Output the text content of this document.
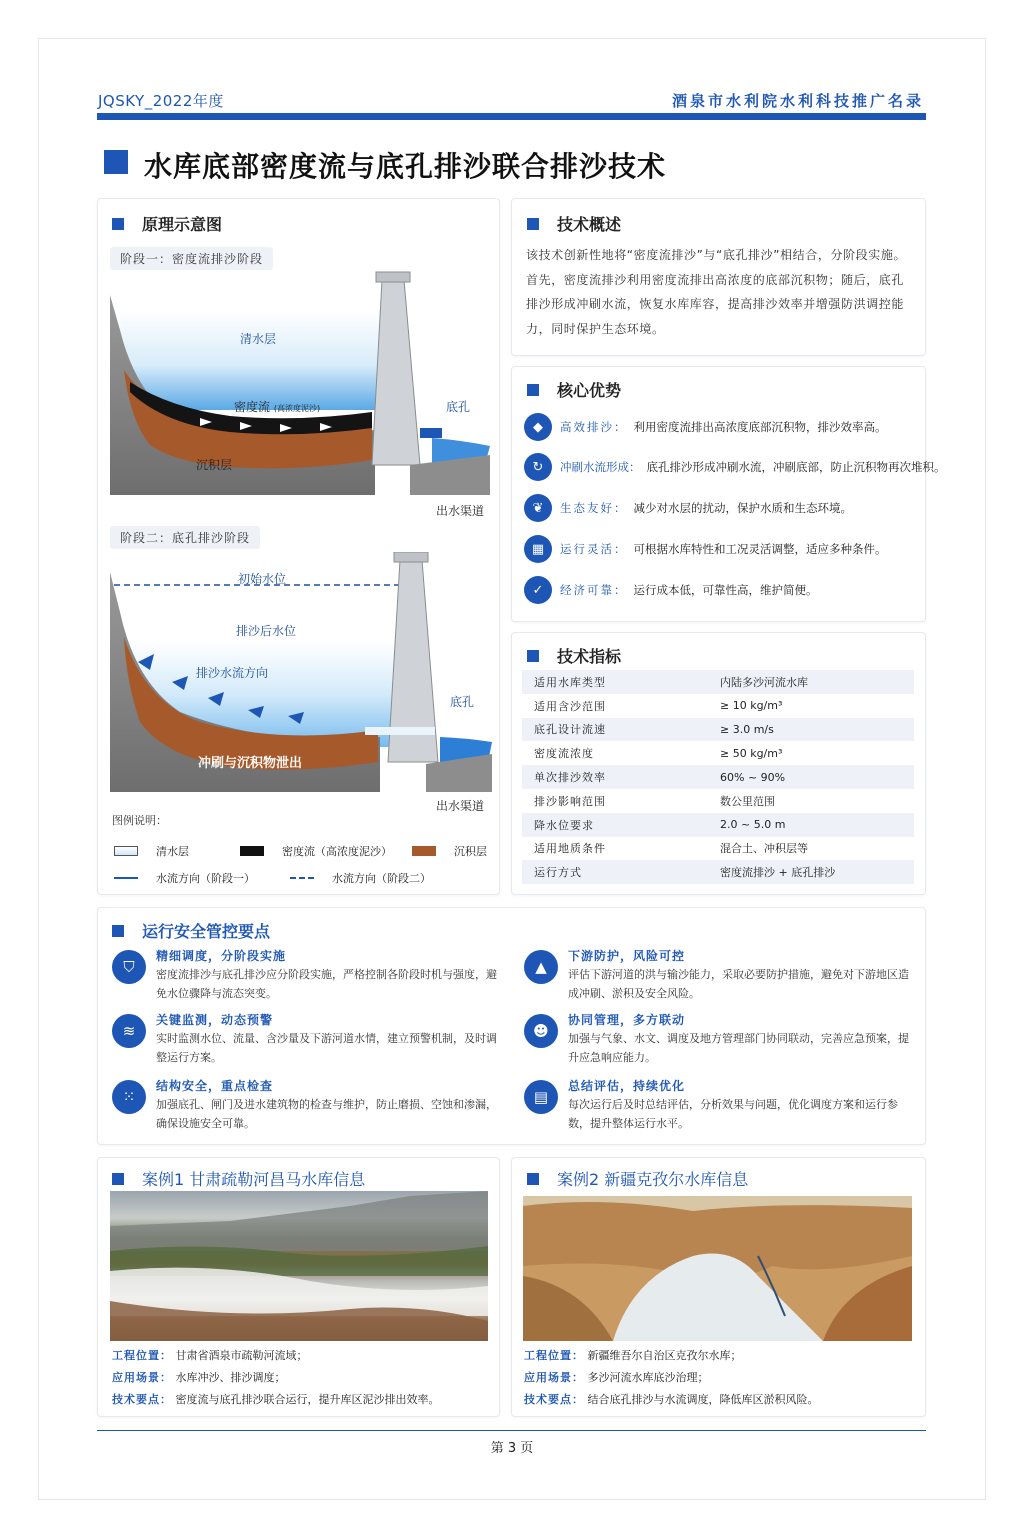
JQSKY_2022年度	酒泉市水利院水利科技推广名录
水库底部密度流与底孔排沙联合排沙技术
原理示意图
阶段一：密度流排沙阶段
清水层
密度流 (高浓度泥沙)
沉积层
底孔
出水渠道
阶段二：底孔排沙阶段
初始水位
排沙后水位
排沙水流方向
底孔
冲刷与沉积物泄出
出水渠道
图例说明：
清水层	密度流（高浓度泥沙）	沉积层
水流方向（阶段一）	水流方向（阶段二）
技术概述
该技术创新性地将“密度流排沙”与“底孔排沙”相结合，分阶段实施。首先，密度流排沙利用密度流排出高浓度的底部沉积物；随后，底孔排沙形成冲刷水流，恢复水库库容，提高排沙效率并增强防洪调控能力，同时保护生态环境。
核心优势
◆	高效排沙： 利用密度流排出高浓度底部沉积物，排沙效率高。
↻	冲刷水流形成： 底孔排沙形成冲刷水流，冲刷底部，防止沉积物再次堆积。
❦	生态友好： 减少对水层的扰动，保护水质和生态环境。
▦	运行灵活： 可根据水库特性和工况灵活调整，适应多种条件。
✓	经济可靠： 运行成本低，可靠性高，维护简便。
技术指标
适用水库类型	内陆多沙河流水库
适用含沙范围	≥ 10 kg/m³
底孔设计流速	≥ 3.0 m/s
密度流浓度	≥ 50 kg/m³
单次排沙效率	60% ~ 90%
排沙影响范围	数公里范围
降水位要求	2.0 ~ 5.0 m
适用地质条件	混合土、冲积层等
运行方式	密度流排沙 + 底孔排沙
运行安全管控要点
⛉
精细调度，分阶段实施
密度流排沙与底孔排沙应分阶段实施，严格控制各阶段时机与强度，避免水位骤降与流态突变。
▲
下游防护，风险可控
评估下游河道的洪与输沙能力，采取必要防护措施，避免对下游地区造成冲刷、淤积及安全风险。
≋
关键监测，动态预警
实时监测水位、流量、含沙量及下游河道水情，建立预警机制，及时调整运行方案。
☻
协同管理，多方联动
加强与气象、水文、调度及地方管理部门协同联动，完善应急预案，提升应急响应能力。
⁙
结构安全，重点检查
加强底孔、闸门及进水建筑物的检查与维护，防止磨损、空蚀和渗漏，确保设施安全可靠。
▤
总结评估，持续优化
每次运行后及时总结评估，分析效果与问题，优化调度方案和运行参数，提升整体运行水平。
案例1 甘肃疏勒河昌马水库信息
工程位置： 甘肃省酒泉市疏勒河流域；
应用场景： 水库冲沙、排沙调度；
技术要点： 密度流与底孔排沙联合运行，提升库区泥沙排出效率。
案例2 新疆克孜尔水库信息
工程位置： 新疆维吾尔自治区克孜尔水库；
应用场景： 多沙河流水库底沙治理；
技术要点： 结合底孔排沙与水流调度，降低库区淤积风险。
第 3 页
